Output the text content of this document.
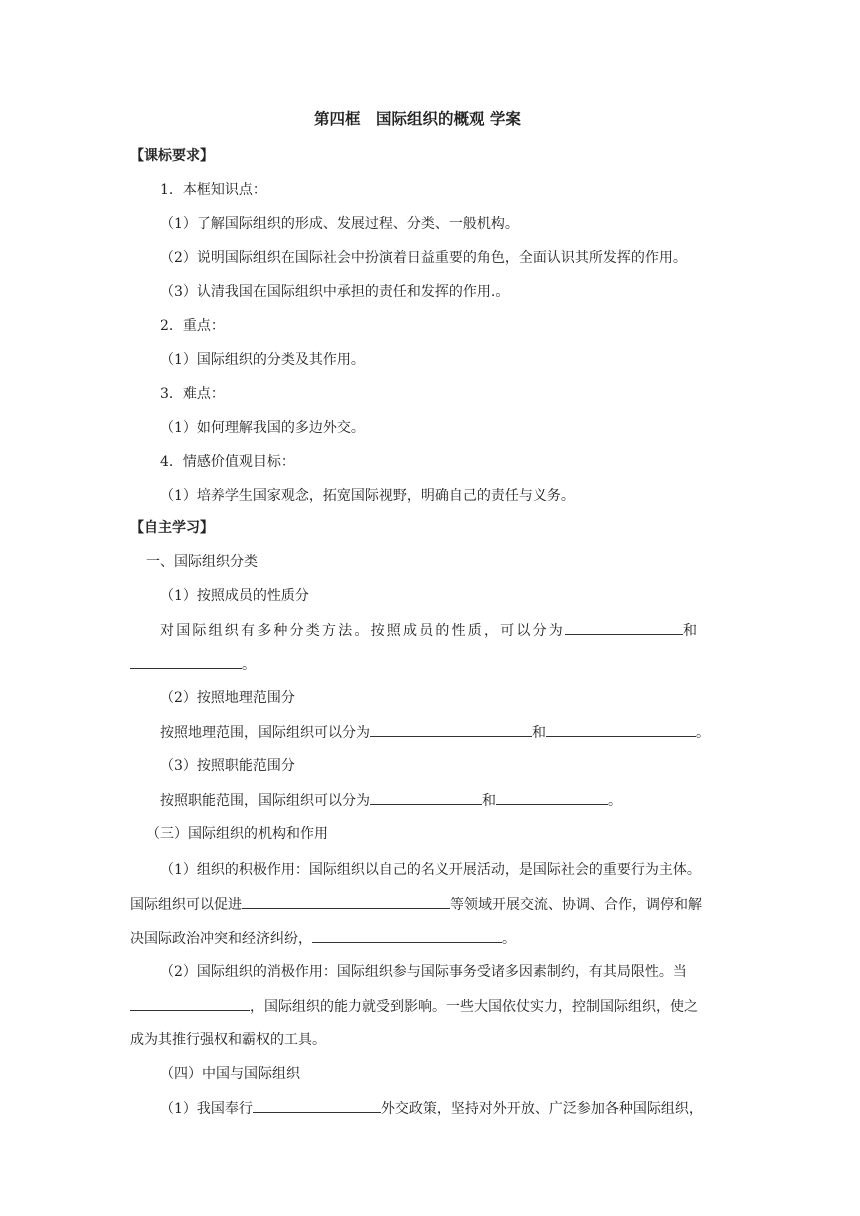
第四框　国际组织的概观 学案
【课标要求】
1．本框知识点：
（1）了解国际组织的形成、发展过程、分类、一般机构。
（2）说明国际组织在国际社会中扮演着日益重要的角色，全面认识其所发挥的作用。
（3）认清我国在国际组织中承担的责任和发挥的作用.。
2．重点：
（1）国际组织的分类及其作用。
3．难点：
（1）如何理解我国的多边外交。
4．情感价值观目标：
（1）培养学生国家观念，拓宽国际视野，明确自己的责任与义务。
【自主学习】
一、国际组织分类
（1）按照成员的性质分
对国际组织有多种分类方法。按照成员的性质，可以分为	和
。
（2）按照地理范围分
按照地理范围，国际组织可以分为	和	。
（3）按照职能范围分
按照职能范围，国际组织可以分为	和	。
（三）国际组织的机构和作用
（1）组织的积极作用：国际组织以自己的名义开展活动，是国际社会的重要行为主体。
国际组织可以促进	等领域开展交流、协调、合作，调停和解
决国际政治冲突和经济纠纷，	。
（2）国际组织的消极作用：国际组织参与国际事务受诸多因素制约，有其局限性。当
，国际组织的能力就受到影响。一些大国依仗实力，控制国际组织，使之
成为其推行强权和霸权的工具。
（四）中国与国际组织
（1）我国奉行	外交政策，坚持对外开放、广泛参加各种国际组织，
